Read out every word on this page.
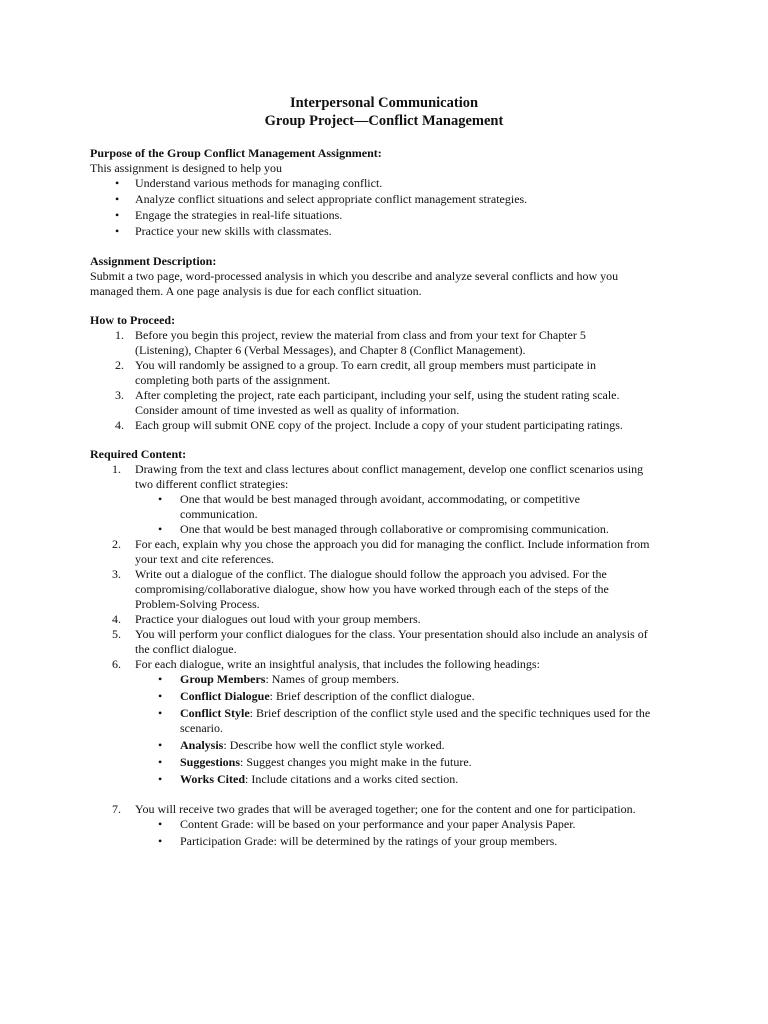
Interpersonal Communication
Group Project—Conflict Management

Purpose of the Group Conflict Management Assignment:

This assignment is designed to help you

• Understand various methods for managing conflict.

• Analyze conflict situations and select appropriate conflict management strategies.

• Engage the strategies in real-life situations.

• Practice your new skills with classmates.

Assignment Description:

Submit a two page, word-processed analysis in which you describe and analyze several conflicts and how you

managed them. A one page analysis is due for each conflict situation.

How to Proceed:

1. Before you begin this project, review the material from class and from your text for Chapter 5
(Listening), Chapter 6 (Verbal Messages), and Chapter 8 (Conflict Management).
2. You will randomly be assigned to a group. To earn credit, all group members must participate in
completing both parts of the assignment.
3. After completing the project, rate each participant, including your self, using the student rating scale.
Consider amount of time invested as well as quality of information.
4. Each group will submit ONE copy of the project. Include a copy of your student participating ratings.

Required Content:

1. Drawing from the text and class lectures about conflict management, develop one conflict scenarios using
two different conflict strategies:
• One that would be best managed through avoidant, accommodating, or competitive
communication.
• One that would be best managed through collaborative or compromising communication.
2. For each, explain why you chose the approach you did for managing the conflict. Include information from
your text and cite references.
3. Write out a dialogue of the conflict. The dialogue should follow the approach you advised. For the
compromising/collaborative dialogue, show how you have worked through each of the steps of the
Problem-Solving Process.
4. Practice your dialogues out loud with your group members.
5. You will perform your conflict dialogues for the class. Your presentation should also include an analysis of
the conflict dialogue.
6. For each dialogue, write an insightful analysis, that includes the following headings:
• Group Members: Names of group members.
• Conflict Dialogue: Brief description of the conflict dialogue.
• Conflict Style: Brief description of the conflict style used and the specific techniques used for the
scenario.
• Analysis: Describe how well the conflict style worked.
• Suggestions: Suggest changes you might make in the future.
• Works Cited: Include citations and a works cited section.
7. You will receive two grades that will be averaged together; one for the content and one for participation.
• Content Grade: will be based on your performance and your paper Analysis Paper.
• Participation Grade: will be determined by the ratings of your group members.
